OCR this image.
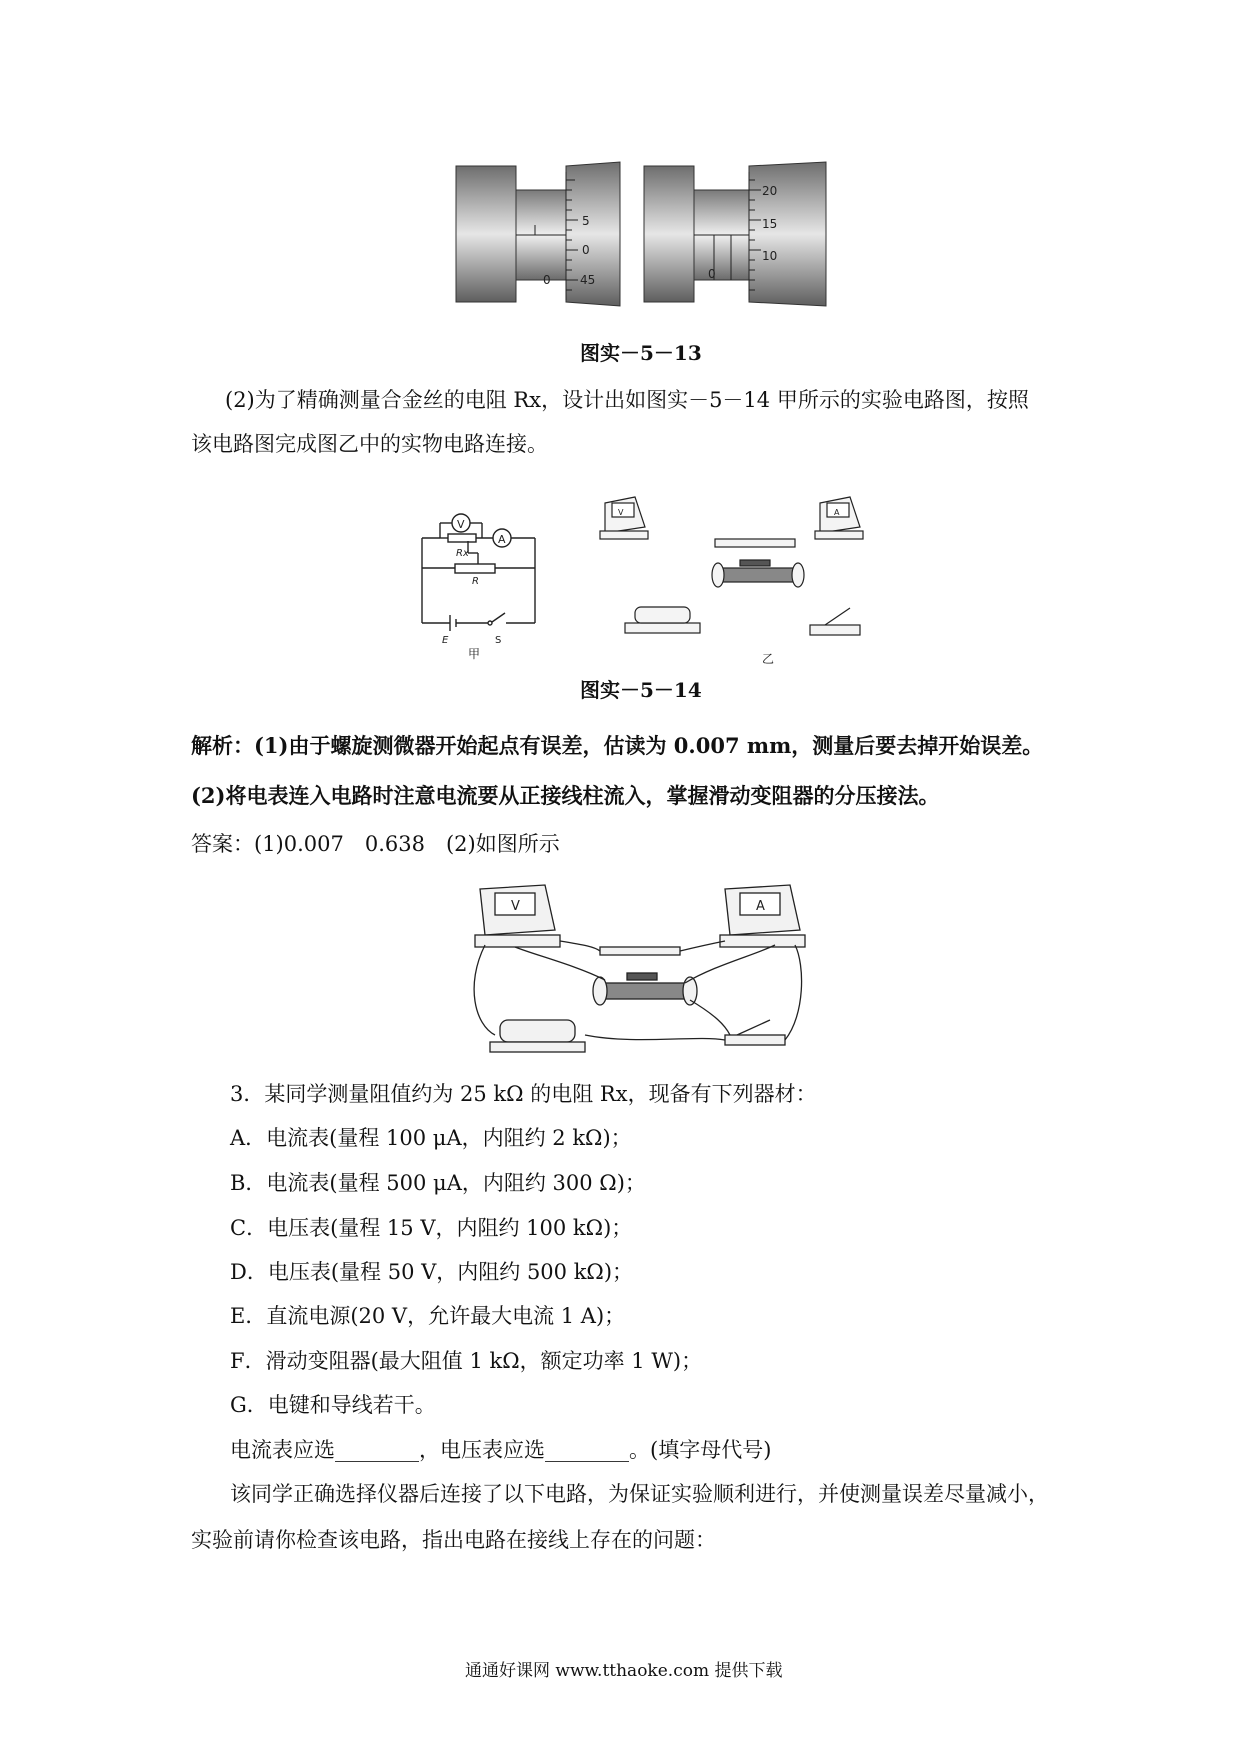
0
5
0
45	0
20
15
10
图实－5－13
(2)为了精确测量合金丝的电阻 Rx，设计出如图实－5－14 甲所示的实验电路图，按照
该电路图完成图乙中的实物电路连接。
V
A
Rx
R
E	S
甲
V	A
乙
图实－5－14
解析：(1)由于螺旋测微器开始起点有误差，估读为 0.007 mm，测量后要去掉开始误差。
(2)将电表连入电路时注意电流要从正接线柱流入，掌握滑动变阻器的分压接法。
答案：(1)0.007　0.638　(2)如图所示
V	A
3．某同学测量阻值约为 25 kΩ 的电阻 Rx，现备有下列器材：
A．电流表(量程 100 μA，内阻约 2 kΩ)；
B．电流表(量程 500 μA，内阻约 300 Ω)；
C．电压表(量程 15 V，内阻约 100 kΩ)；
D．电压表(量程 50 V，内阻约 500 kΩ)；
E．直流电源(20 V，允许最大电流 1 A)；
F．滑动变阻器(最大阻值 1 kΩ，额定功率 1 W)；
G．电键和导线若干。
电流表应选________，电压表应选________。(填字母代号)
该同学正确选择仪器后连接了以下电路，为保证实验顺利进行，并使测量误差尽量减小，
实验前请你检查该电路，指出电路在接线上存在的问题：
通通好课网 www.tthaoke.com 提供下载
